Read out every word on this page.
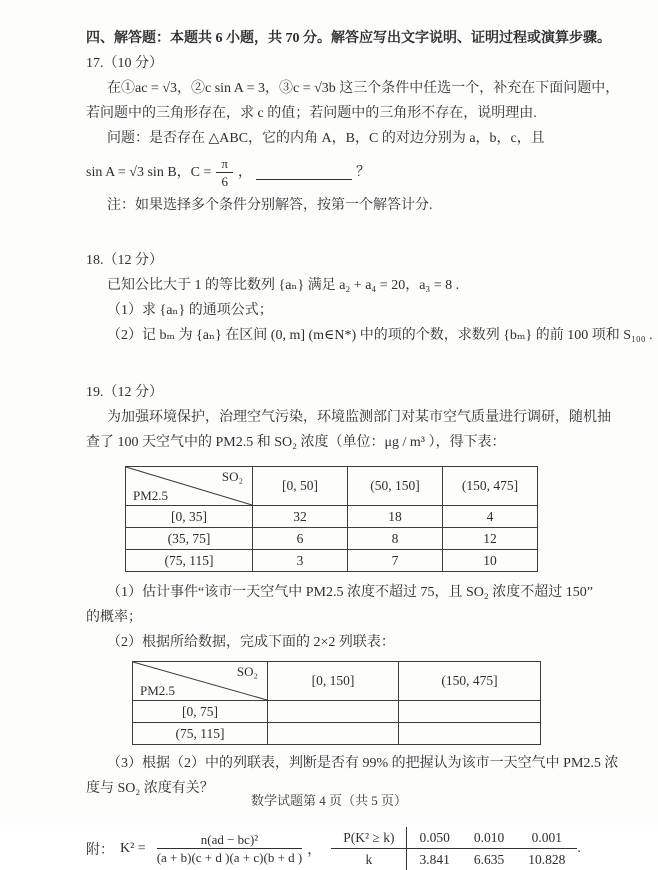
四、解答题：本题共 6 小题，共 70 分。解答应写出文字说明、证明过程或演算步骤。

17.（10 分）

在①ac = √3，②c sin A = 3，③c = √3b 这三个条件中任选一个，补充在下面问题中，

若问题中的三角形存在，求 c 的值；若问题中的三角形不存在，说明理由.

问题：是否存在 △ABC，它的内角 A，B，C 的对边分别为 a，b，c，且

sin A = √3 sin B，$C = \frac{\pi}{6}$ ，	？

注：如果选择多个条件分别解答，按第一个解答计分.

18.（12 分）

已知公比大于 1 的等比数列 {aₙ} 满足 a₂ + a₄ = 20，a₃ = 8 .

（1）求 {aₙ} 的通项公式；

（2）记 bₘ 为 {aₙ} 在区间 (0, m] (m∈N*) 中的项的个数，求数列 {bₘ} 的前 100 项和 S₁₀₀ .

19.（12 分）

为加强环境保护，治理空气污染，环境监测部门对某市空气质量进行调研，随机抽

查了 100 天空气中的 PM2.5 和 SO₂ 浓度（单位：μg / m³ ），得下表：

SO₂
PM2.5	[0, 50]	(50, 150]	(150, 475]
[0, 35]	32	18	4
(35, 75]	6	8	12
(75, 115]	3	7	10

（1）估计事件“该市一天空气中 PM2.5 浓度不超过 75，且 SO₂ 浓度不超过 150”

的概率；

（2）根据所给数据，完成下面的 2×2 列联表：

SO₂
PM2.5	[0, 150]	(150, 475]
[0, 75]		
(75, 115]		

（3）根据（2）中的列联表，判断是否有 99% 的把握认为该市一天空气中 PM2.5 浓

度与 SO₂ 浓度有关？

附： $K^2 = \frac{\text{n(ad − bc)²}}{(a + b)(c + d )(a + c)(b + d )}$ ，
P(K² ≥ k)	0.050	0.010	0.001
k	3.841	6.635	10.828
.
数学试题第 4 页（共 5 页）
